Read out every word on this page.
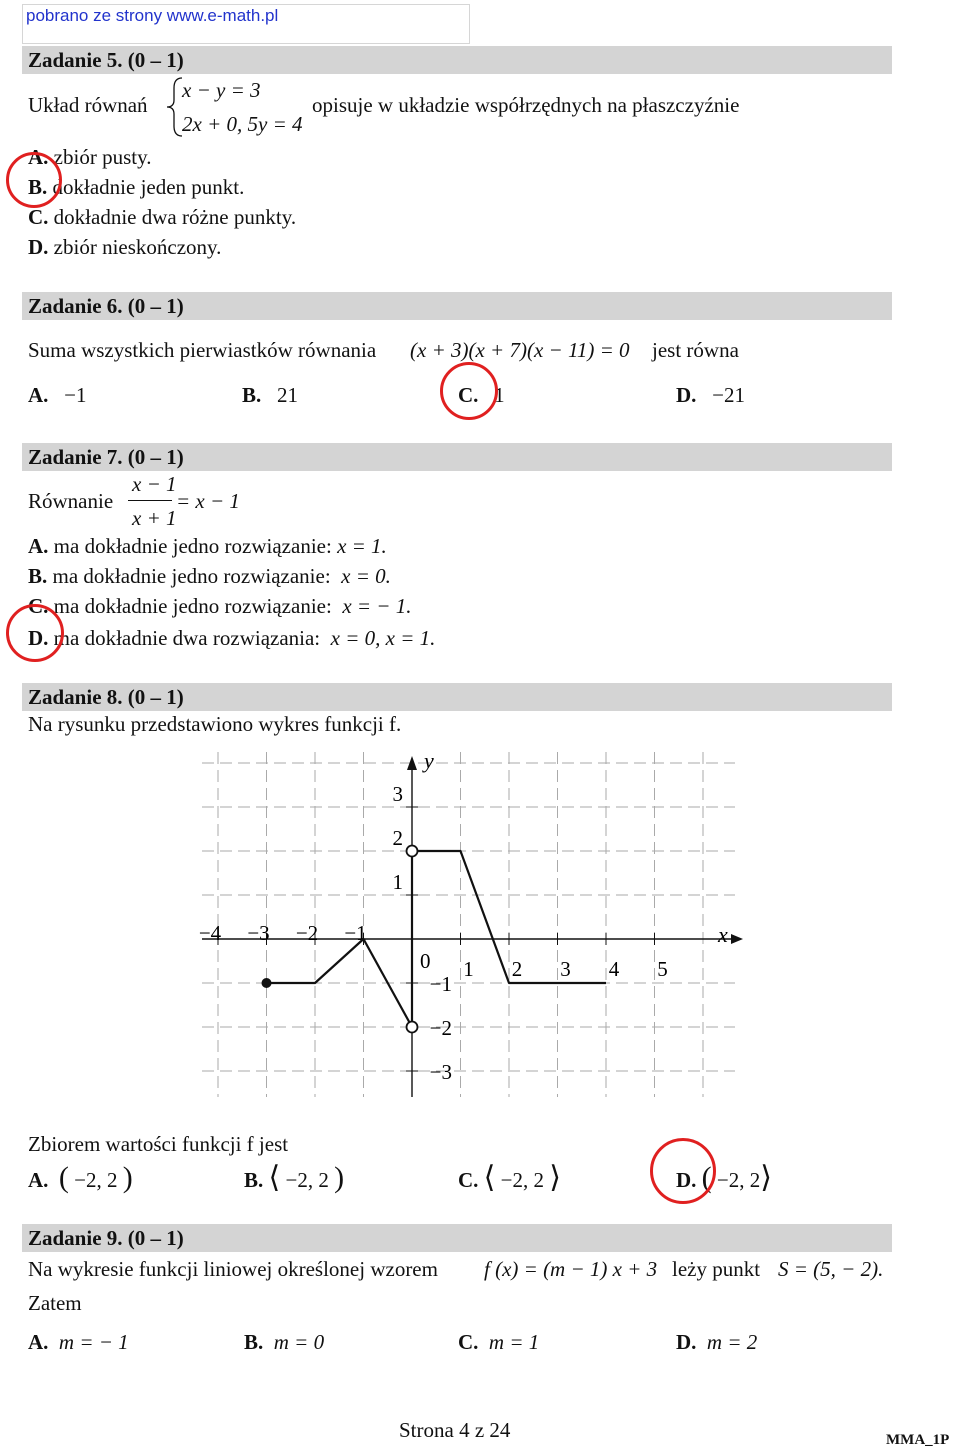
pobrano ze strony www.e-math.pl
Zadanie 5. (0 – 1)
Układ równań
x − y = 3
2x + 0, 5y = 4
opisuje w układzie współrzędnych na płaszczyźnie
A. zbiór pusty.
B. dokładnie jeden punkt.
C. dokładnie dwa różne punkty.
D. zbiór nieskończony.
Zadanie 6. (0 – 1)
Suma wszystkich pierwiastków równania (x + 3)(x + 7)(x − 11) = 0 jest równa
A. −1	B. 21	C. 1	D. −21
Zadanie 7. (0 – 1)
Równanie
x − 1
x + 1
= x − 1
A. ma dokładnie jedno rozwiązanie: x = 1.
B. ma dokładnie jedno rozwiązanie: x = 0.
C. ma dokładnie jedno rozwiązanie: x = − 1.
D. ma dokładnie dwa rozwiązania: x = 0, x = 1.
Zadanie 8. (0 – 1)
Na rysunku przedstawiono wykres funkcji f.
x
y
0
−4 −3 −2 −1
1 2 3 4 5
3
2
1
−1
−2
−3
Zbiorem wartości funkcji f jest
A. ( −2, 2 )	B. ⟨ −2, 2 )	C. ⟨ −2, 2 ⟩	D. ( −2, 2⟩
Zadanie 9. (0 – 1)
Na wykresie funkcji liniowej określonej wzorem f (x) = (m − 1) x + 3 leży punkt S = (5, − 2).
Zatem
A. m = − 1	B. m = 0	C. m = 1	D. m = 2
Strona 4 z 24	MMA_1P
